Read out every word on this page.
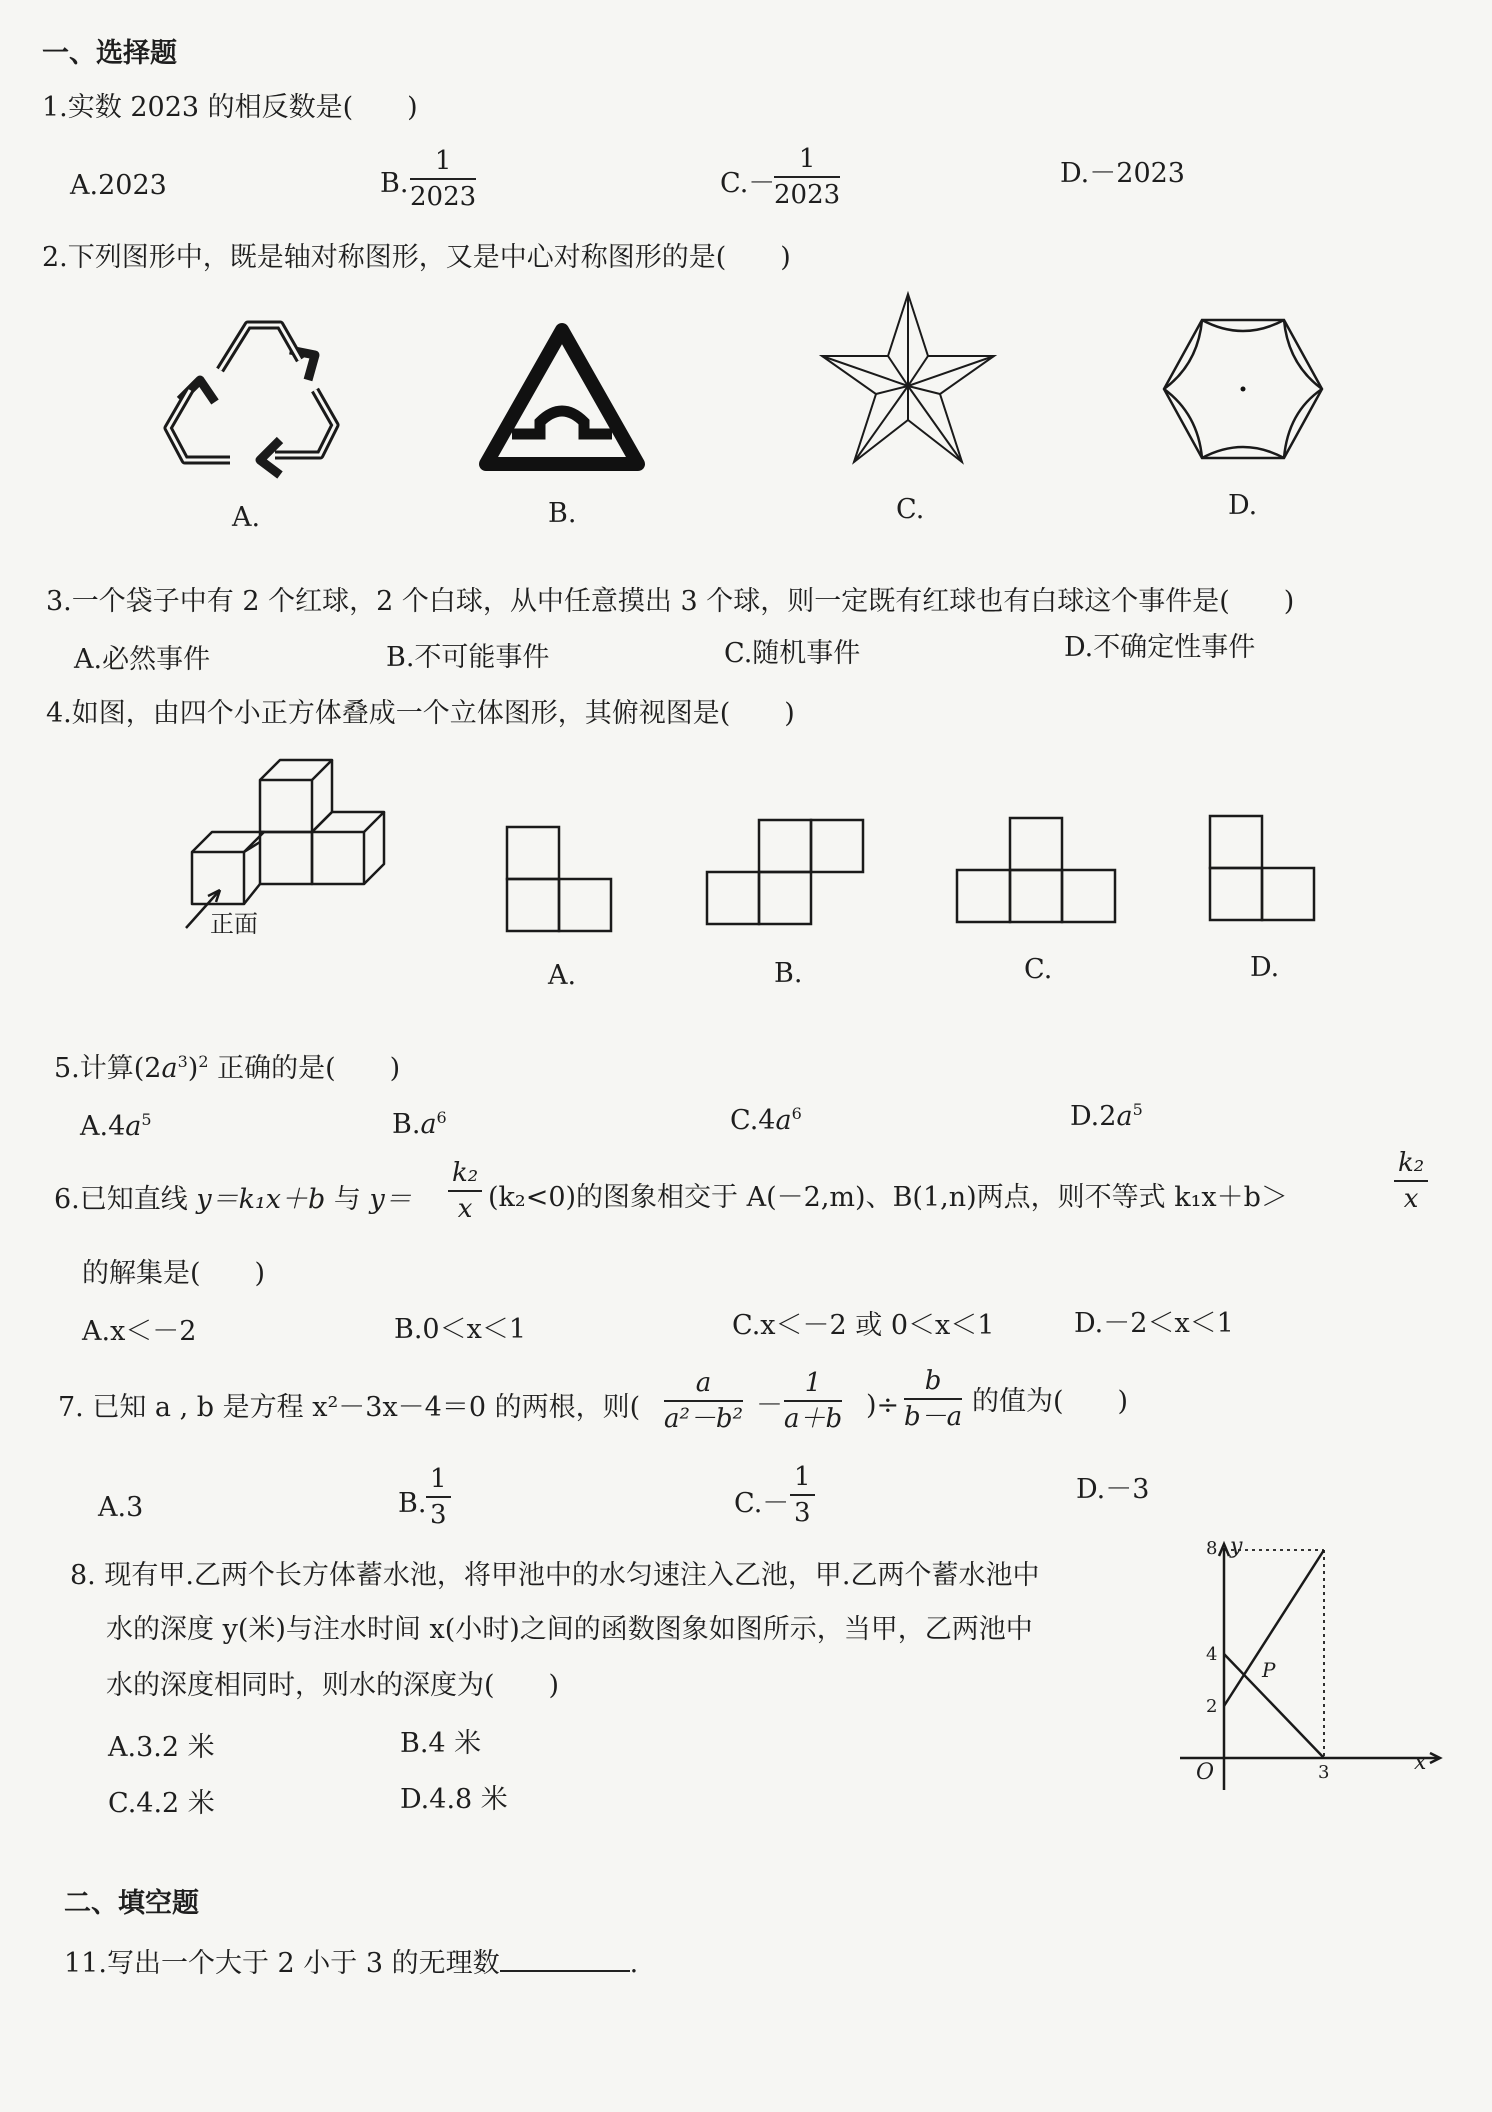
一、选择题
1.实数 2023 的相反数是(　　)
A.2023	B. $\frac{1}{2023}$	C.－
$\frac{1}{2023}$	D.－2023
2.下列图形中，既是轴对称图形，又是中心对称图形的是(　　)
A.	B.	C.	D.
3.一个袋子中有 2 个红球，2 个白球，从中任意摸出 3 个球，则一定既有红球也有白球这个事件是(　　)
A.必然事件	B.不可能事件	C.随机事件	D.不确定性事件
4.如图，由四个小正方体叠成一个立体图形，其俯视图是(　　)
正面
A.	B.	C.	D.
5.计算$(2a^3)^2$ 正确的是(　　)
$A.4a^5$	$B.a^6$	$C.4a^6$	$D.2a^5$
6.已知直线 y＝k₁x＋b 与 $y= \frac{\text{k₂}}{x} (k_2<0)$的图象相交于 A(－2,m)、B(1,n)两点，则不等式 k₁x＋b＞	$\frac{\text{k₂}}{x}$
的解集是(　　)
A.x＜－2	B.0＜x＜1	C.x＜－2 或 0＜x＜1	D.－2＜x＜1
7. 已知 a , b 是方程 x²－3x－4＝0 的两根，则( $\frac{a}{\text{a²－b²}} - \frac{1}{a+b}$ )÷ $\frac{b}{b-a}$ 的值为(　　)
A.3	B. $\frac{1}{3}$	$C.- \frac{1}{3}$	D.－3
8. 现有甲.乙两个长方体蓄水池，将甲池中的水匀速注入乙池，甲.乙两个蓄水池中
水的深度 y(米)与注水时间 x(小时)之间的函数图象如图所示，当甲，乙两池中
水的深度相同时，则水的深度为(　　)
A.3.2 米	B.4 米
C.4.2 米	D.4.8 米
y
x
O
8
4
2
3
P
二、填空题
11.写出一个大于 2 小于 3 的无理数	.
